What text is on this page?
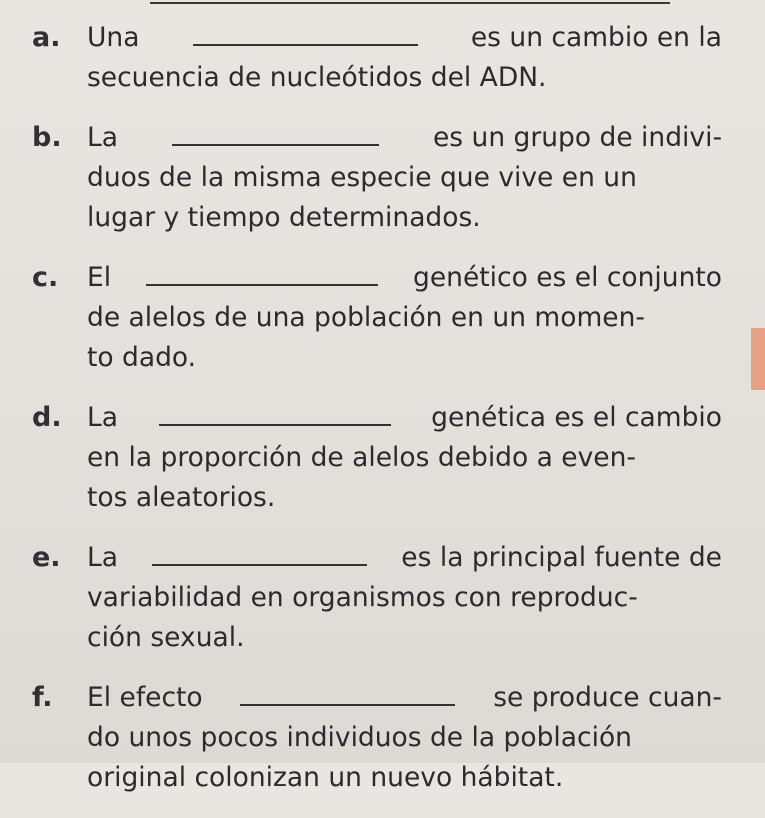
a. Una	es un cambio en la
secuencia de nucleótidos del ADN.
b. La	es un grupo de indivi-
duos de la misma especie que vive en un
lugar y tiempo determinados.
c. El	genético es el conjunto
de alelos de una población en un momen-
to dado.
d. La	genética es el cambio
en la proporción de alelos debido a even-
tos aleatorios.
e. La	es la principal fuente de
variabilidad en organismos con reproduc-
ción sexual.
f. El efecto	se produce cuan-
do unos pocos individuos de la población
original colonizan un nuevo hábitat.
